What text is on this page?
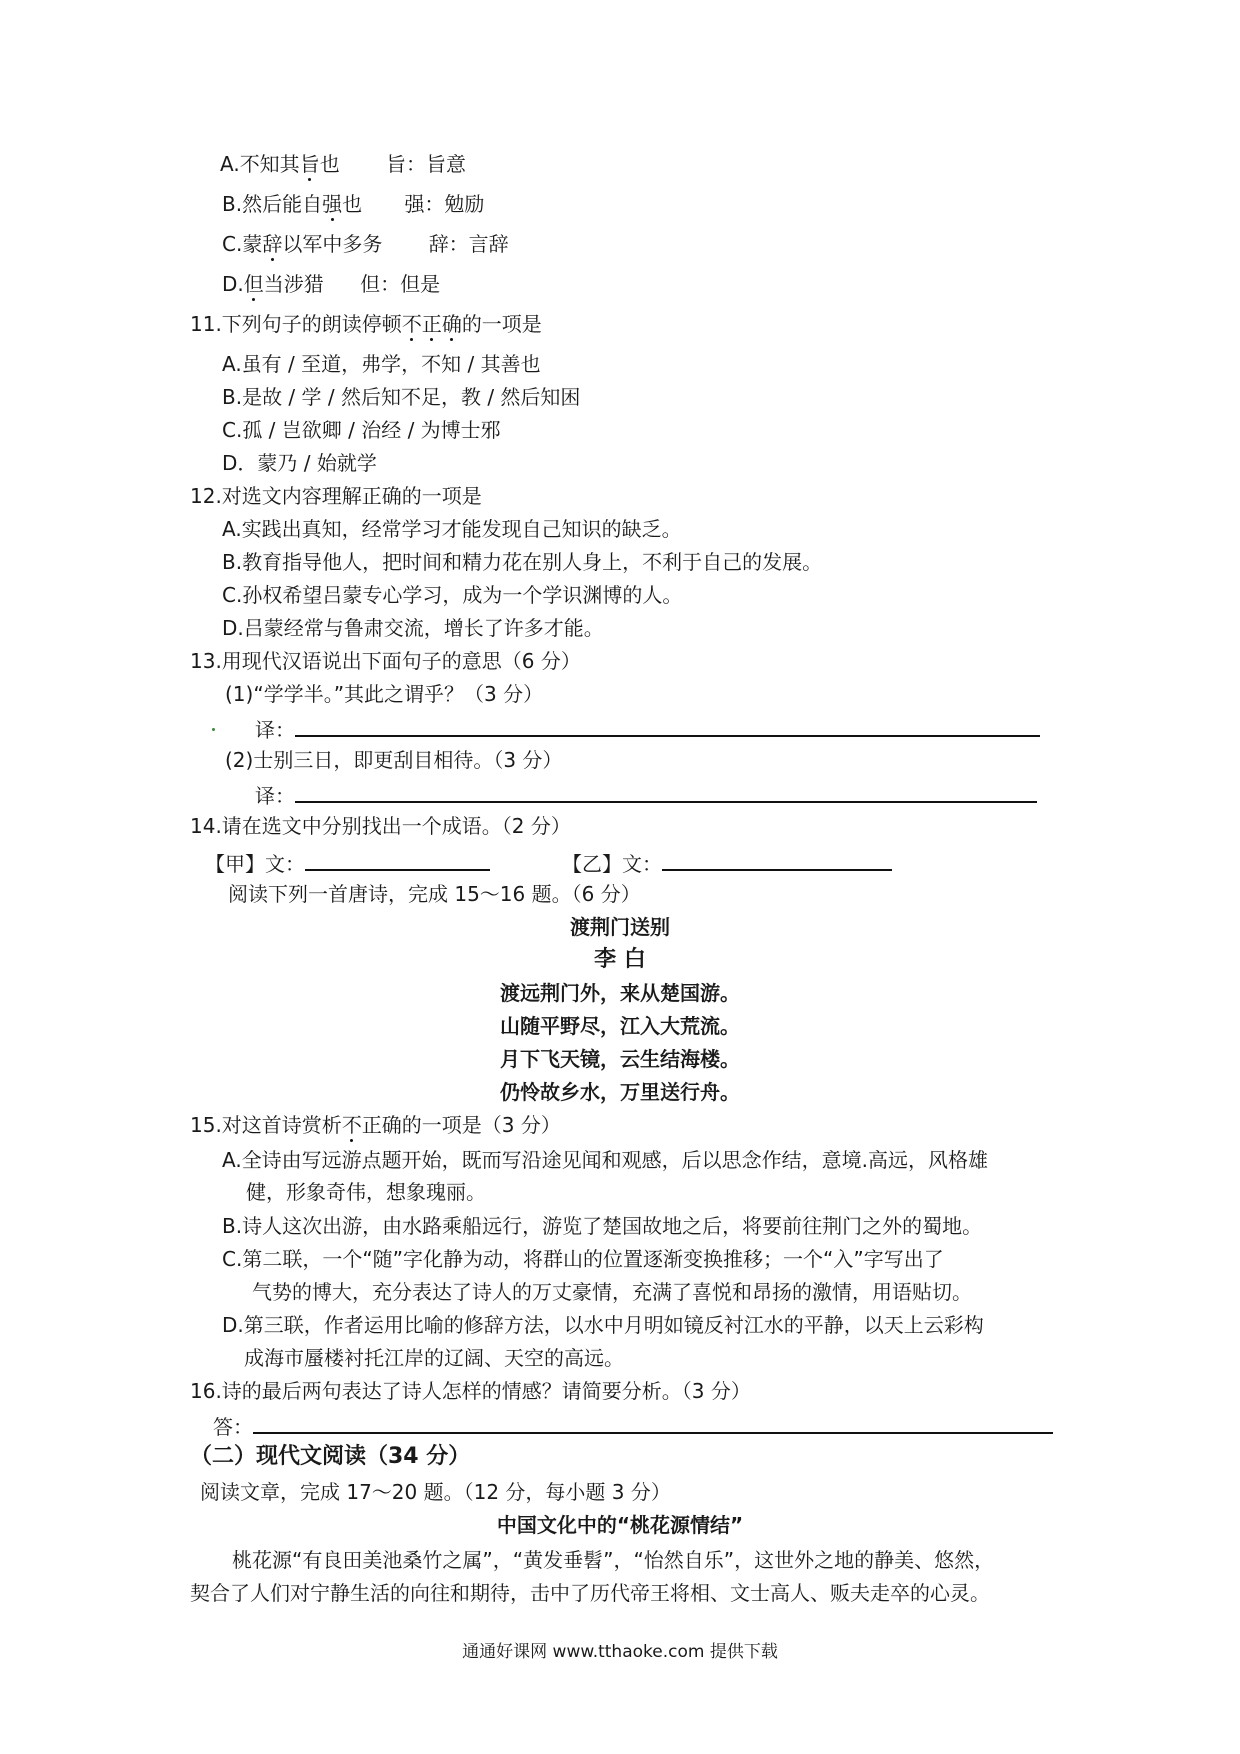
A.不知其旨也 旨：旨意
B.然后能自强也 强：勉励
C.蒙辞以军中多务 辞：言辞
D.但当涉猎 但：但是
11.下列句子的朗读停顿不正确的一项是
A.虽有 / 至道，弗学，不知 / 其善也
B.是故 / 学 / 然后知不足，教 / 然后知困
C.孤 / 岂欲卿 / 治经 / 为博士邪
D．蒙乃 / 始就学
12.对选文内容理解正确的一项是
A.实践出真知，经常学习才能发现自己知识的缺乏。
B.教育指导他人，把时间和精力花在别人身上，不利于自己的发展。
C.孙权希望吕蒙专心学习，成为一个学识渊博的人。
D.吕蒙经常与鲁肃交流，增长了许多才能。
13.用现代汉语说出下面句子的意思（6 分）
(1)“学学半。”其此之谓乎？（3 分）
译：
(2)士别三日，即更刮目相待。（3 分）
译：
14.请在选文中分别找出一个成语。（2 分）
【甲】文：	【乙】文：
阅读下列一首唐诗，完成 15～16 题。（6 分）
渡荆门送别
李 白
渡远荆门外，来从楚国游。
山随平野尽，江入大荒流。
月下飞天镜，云生结海楼。
仍怜故乡水，万里送行舟。
15.对这首诗赏析不正确的一项是（3 分）
A.全诗由写远游点题开始，既而写沿途见闻和观感，后以思念作结，意境.高远，风格雄
健，形象奇伟，想象瑰丽。
B.诗人这次出游，由水路乘船远行，游览了楚国故地之后，将要前往荆门之外的蜀地。
C.第二联，一个“随”字化静为动，将群山的位置逐渐变换推移；一个“入”字写出了
气势的博大，充分表达了诗人的万丈豪情，充满了喜悦和昂扬的激情，用语贴切。
D.第三联，作者运用比喻的修辞方法，以水中月明如镜反衬江水的平静，以天上云彩构
成海市蜃楼衬托江岸的辽阔、天空的高远。
16.诗的最后两句表达了诗人怎样的情感？请简要分析。（3 分）
答：
（二）现代文阅读（34 分）
阅读文章，完成 17～20 题。（12 分，每小题 3 分）
中国文化中的“桃花源情结”
桃花源“有良田美池桑竹之属”，“黄发垂髫”，“怡然自乐”，这世外之地的静美、悠然，
契合了人们对宁静生活的向往和期待，击中了历代帝王将相、文士高人、贩夫走卒的心灵。
通通好课网 www.tthaoke.com 提供下载
